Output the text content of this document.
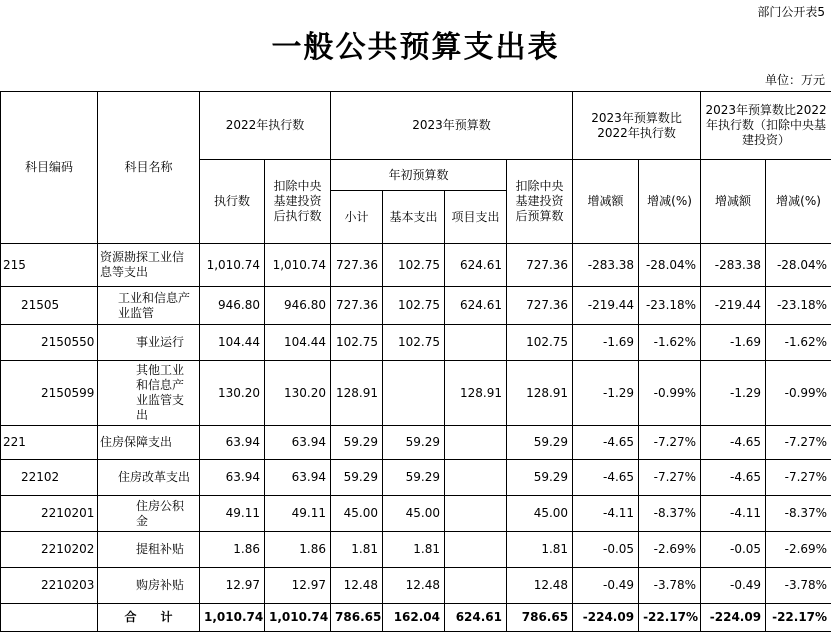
部门公开表5
一般公共预算支出表
单位：万元
科目编码	科目名称	2022年执行数		2023年预算数				2023年预算数比2022年执行数		2023年预算数比2022年执行数（扣除中央基建投资）	
		执行数	扣除中央基建投资后执行数	年初预算数			扣除中央基建投资后预算数	增减额	增减(%)	增减额	增减(%)
				小计	基本支出	项目支出					
215	资源勘探工业信息等支出	1,010.74	1,010.74	727.36	102.75	624.61	727.36	-283.38	-28.04%	-283.38	-28.04%
21505	工业和信息产业监管	946.80	946.80	727.36	102.75	624.61	727.36	-219.44	-23.18%	-219.44	-23.18%
2150550	事业运行	104.44	104.44	102.75	102.75		102.75	-1.69	-1.62%	-1.69	-1.62%
2150599	其他工业和信息产业监管支出	130.20	130.20	128.91		128.91	128.91	-1.29	-0.99%	-1.29	-0.99%
221	住房保障支出	63.94	63.94	59.29	59.29		59.29	-4.65	-7.27%	-4.65	-7.27%
22102	住房改革支出	63.94	63.94	59.29	59.29		59.29	-4.65	-7.27%	-4.65	-7.27%
2210201	住房公积金	49.11	49.11	45.00	45.00		45.00	-4.11	-8.37%	-4.11	-8.37%
2210202	提租补贴	1.86	1.86	1.81	1.81		1.81	-0.05	-2.69%	-0.05	-2.69%
2210203	购房补贴	12.97	12.97	12.48	12.48		12.48	-0.49	-3.78%	-0.49	-3.78%
	合　　计	1,010.74	1,010.74	786.65	162.04	624.61	786.65	-224.09	-22.17%	-224.09	-22.17%
